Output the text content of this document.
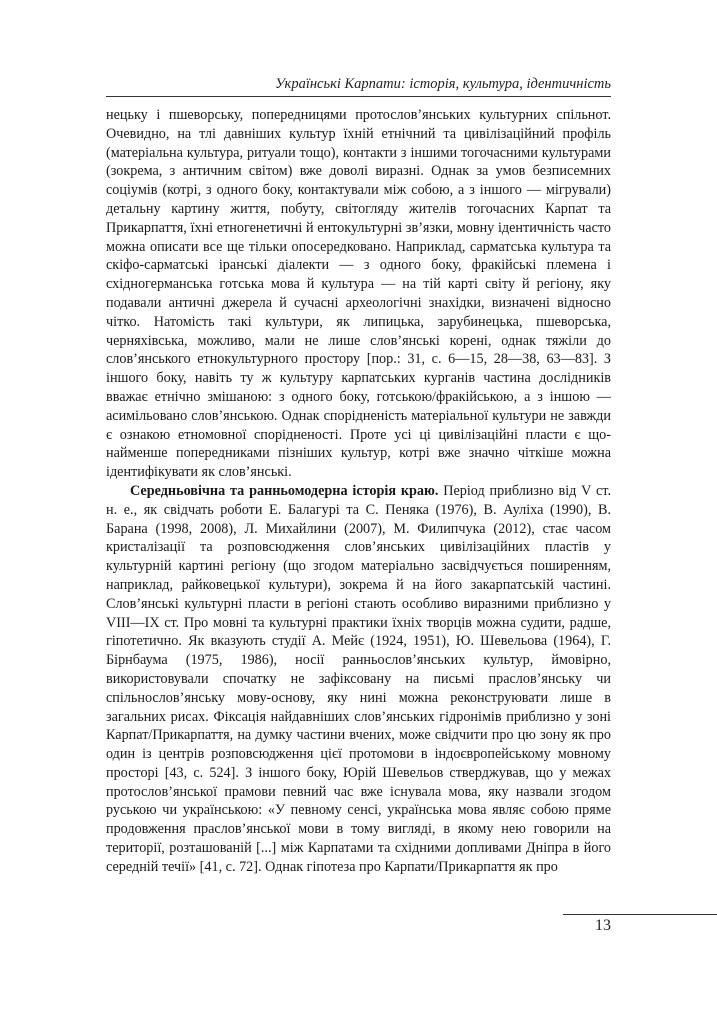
Українські Карпати: історія, культура, ідентичність

нецьку і пшеворську, попередницями протослов’янських культурних спільнот. Очевидно, на тлі давніших культур їхній етнічний та цивілізаційний профіль (матеріальна культура, ритуали тощо), контакти з іншими тогочасними культурами (зокрема, з античним світом) вже доволі виразні. Однак за умов безписемних соціумів (котрі, з одного боку, контактували між собою, а з іншого — мігрували) детальну картину життя, побуту, світогляду жителів тогочасних Карпат та Прикарпаття, їхні етногенетичні й ентокультурні зв’язки, мовну ідентичність часто можна описати все ще тільки опосередковано. Наприклад, сарматська культура та скіфо-сарматські іранські діалекти — з одного боку, фракійські племена і східногерманська готська мова й культура — на тій карті світу й регіону, яку подавали античні джерела й сучасні археологічні знахідки, визначені відносно чітко. Натомість такі культури, як липицька, зарубинецька, пшеворська, черняхівська, можливо, мали не лише слов’янські корені, однак тяжіли до слов’янського етнокультурного простору [пор.: 31, с. 6—15, 28—38, 63—83]. З іншого боку, навіть ту ж культуру карпатських курганів частина дослідників вважає етнічно змішаною: з одного боку, готською/фракійською, а з іншою — асимільовано слов’янською. Однак спорідненість матеріальної культури не завжди є ознакою етномовної спорідненості. Проте усі ці цивілізаційні пласти є щонайменше попередниками пізніших культур, котрі вже значно чіткіше можна ідентифікувати як слов’янські.

Середньовічна та ранньомодерна історія краю. Період приблизно від V ст. н. е., як свідчать роботи Е. Балагурі та С. Пеняка (1976), В. Ауліха (1990), В. Барана (1998, 2008), Л. Михайлини (2007), М. Филипчука (2012), стає часом кристалізації та розповсюдження слов’янських цивілізаційних пластів у культурній картині регіону (що згодом матеріально засвідчується поширенням, наприклад, райковецької культури), зокрема й на його закарпатській частині. Слов’янські культурні пласти в регіоні стають особливо виразними приблизно у VIII—IX ст. Про мовні та культурні практики їхніх творців можна судити, радше, гіпотетично. Як вказують студії А. Мейє (1924, 1951), Ю. Шевельова (1964), Г. Бірнбаума (1975, 1986), носії ранньослов’янських культур, ймовірно, використовували спочатку не зафіксовану на письмі праслов’янську чи спільнослов’янську мову-основу, яку нині можна реконструювати лише в загальних рисах. Фіксація найдавніших слов’янських гідронімів приблизно у зоні Карпат/Прикарпаття, на думку частини вчених, може свідчити про цю зону як про один із центрів розповсюдження цієї протомови в індоєвропейському мовному просторі [43, с. 524]. З іншого боку, Юрій Шевельов стверджував, що у межах протослов’янської прамови певний час вже існувала мова, яку назвали згодом руською чи українською: «У певному сенсі, українська мова являє собою пряме продовження праслов’янської мови в тому вигляді, в якому нею говорили на території, розташованій [...] між Карпатами та східними допливами Дніпра в його середній течії» [41, с. 72]. Однак гіпотеза про Карпати/Прикарпаття як про

13
